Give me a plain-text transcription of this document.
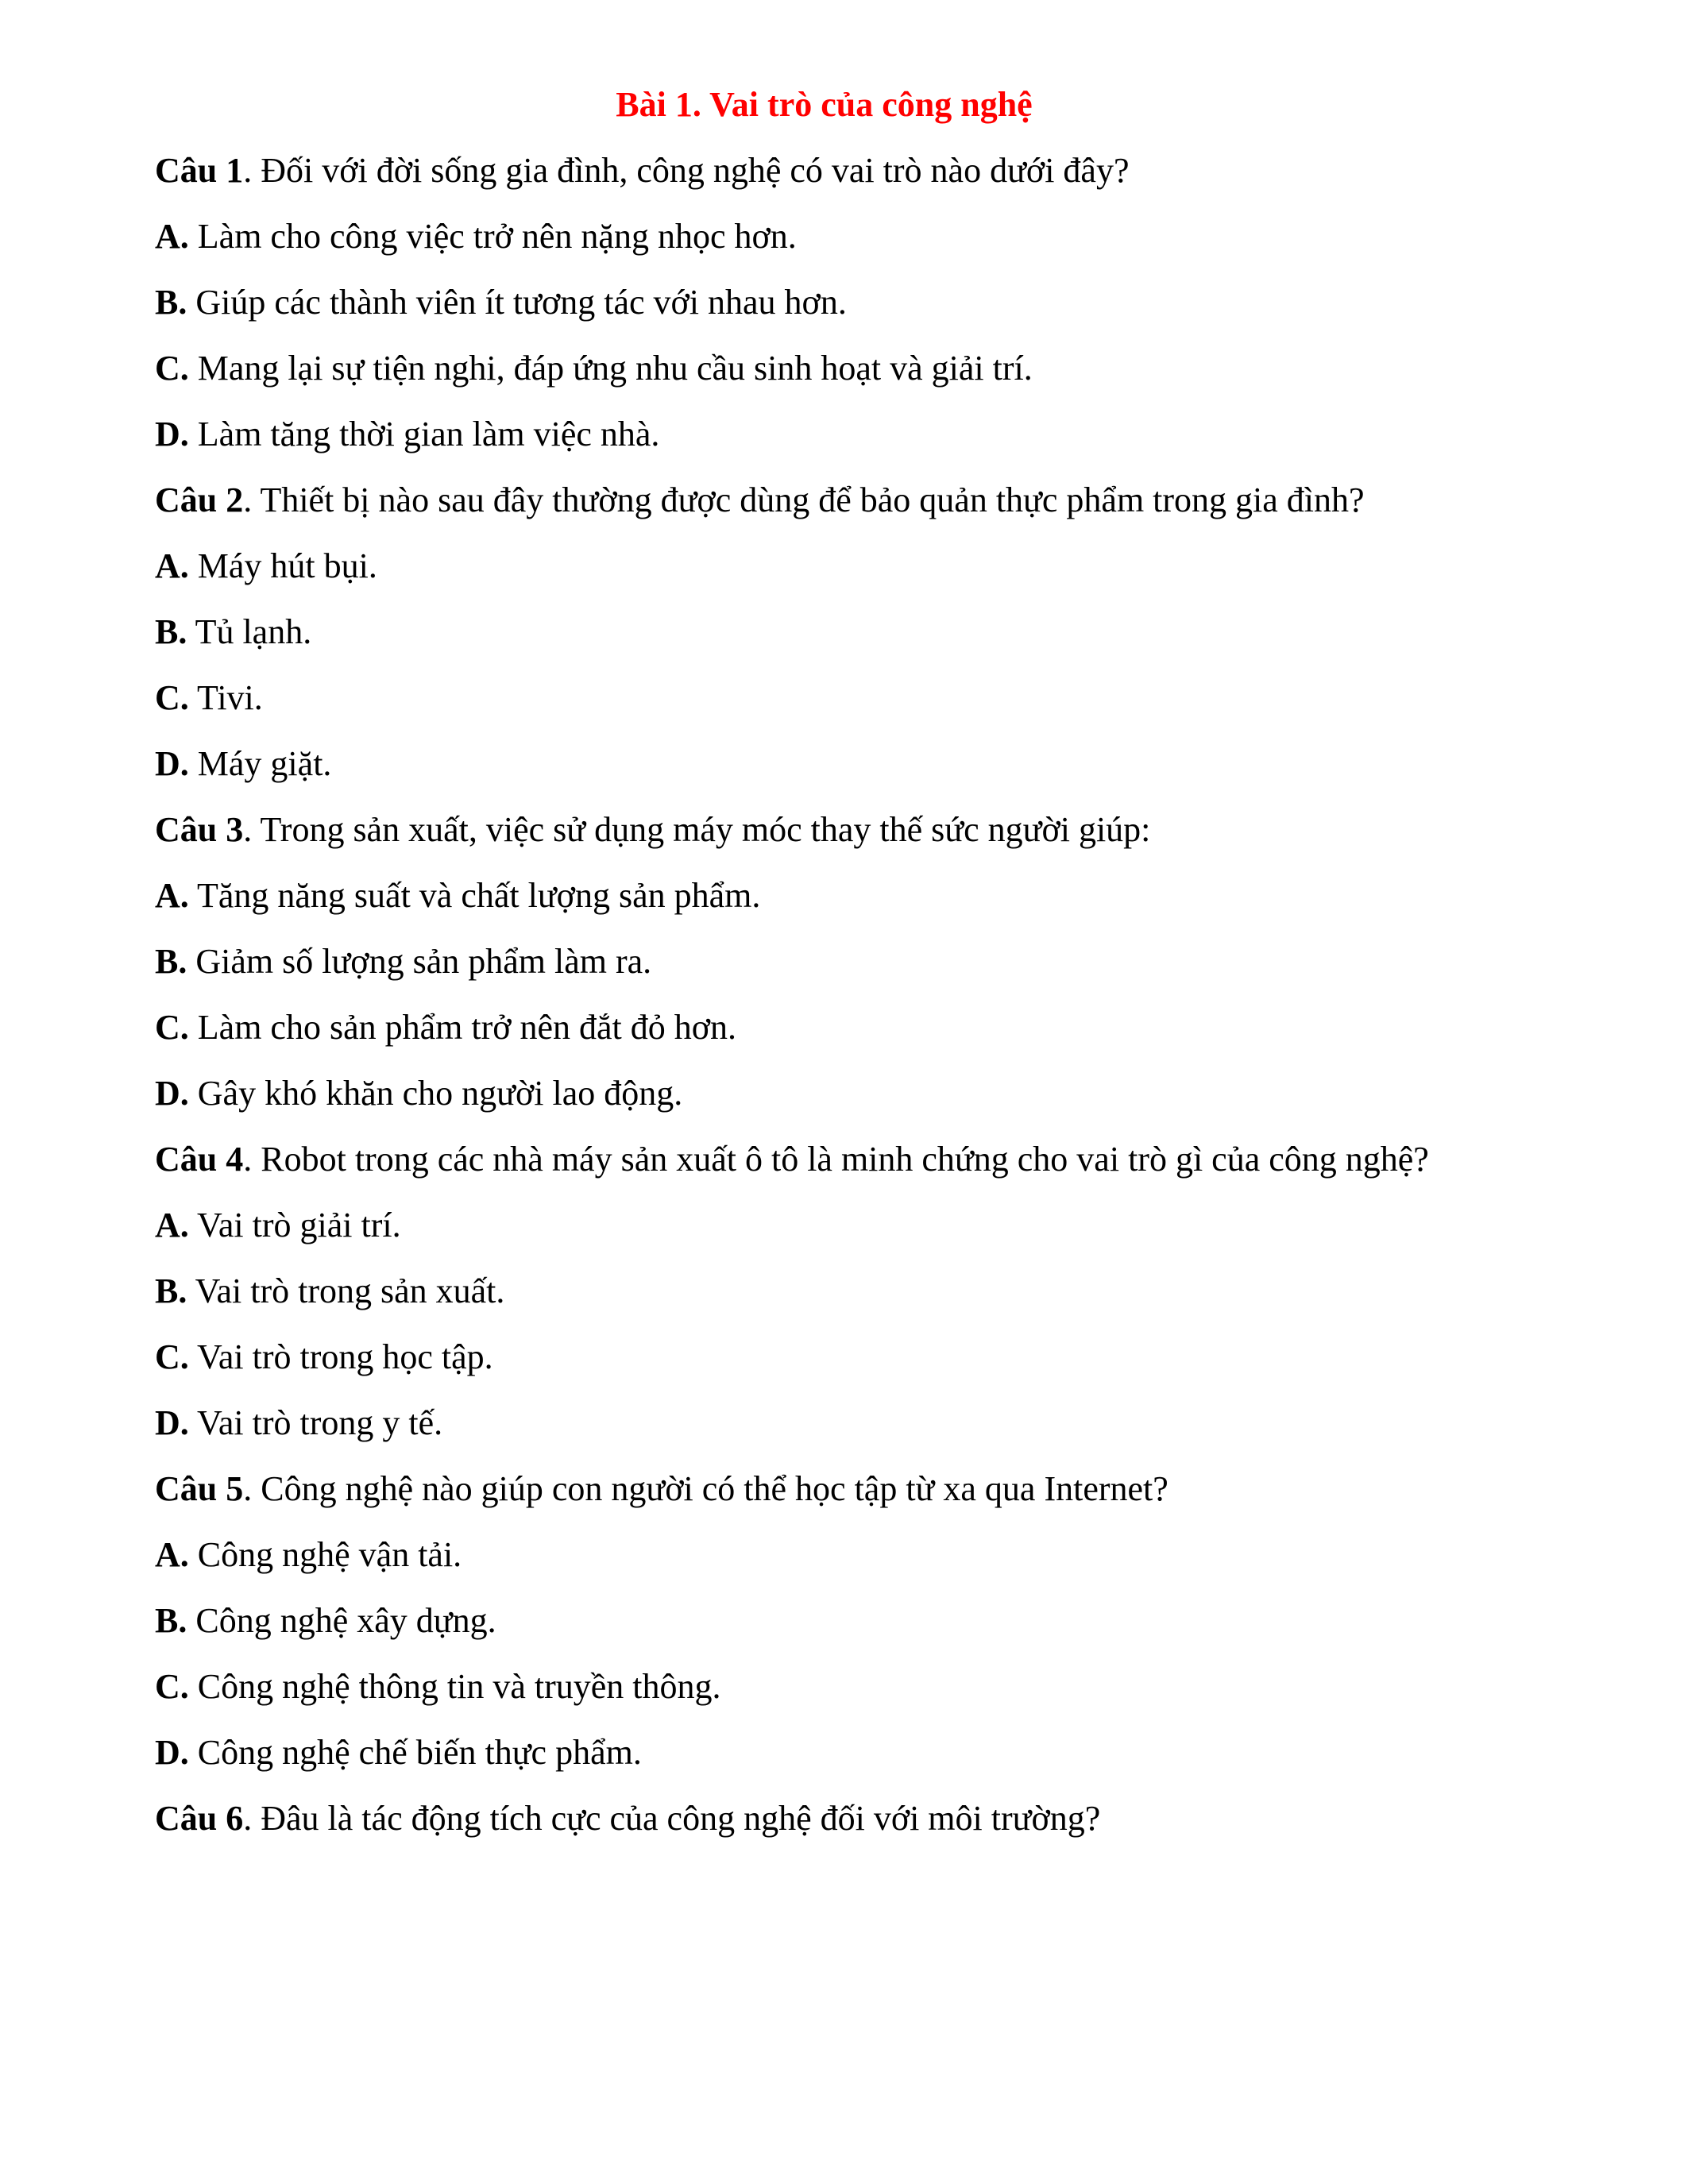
Bài 1. Vai trò của công nghệ

Câu 1. Đối với đời sống gia đình, công nghệ có vai trò nào dưới đây?

A. Làm cho công việc trở nên nặng nhọc hơn.

B. Giúp các thành viên ít tương tác với nhau hơn.

C. Mang lại sự tiện nghi, đáp ứng nhu cầu sinh hoạt và giải trí.

D. Làm tăng thời gian làm việc nhà.

Câu 2. Thiết bị nào sau đây thường được dùng để bảo quản thực phẩm trong gia đình?

A. Máy hút bụi.

B. Tủ lạnh.

C. Tivi.

D. Máy giặt.

Câu 3. Trong sản xuất, việc sử dụng máy móc thay thế sức người giúp:

A. Tăng năng suất và chất lượng sản phẩm.

B. Giảm số lượng sản phẩm làm ra.

C. Làm cho sản phẩm trở nên đắt đỏ hơn.

D. Gây khó khăn cho người lao động.

Câu 4. Robot trong các nhà máy sản xuất ô tô là minh chứng cho vai trò gì của công nghệ?

A. Vai trò giải trí.

B. Vai trò trong sản xuất.

C. Vai trò trong học tập.

D. Vai trò trong y tế.

Câu 5. Công nghệ nào giúp con người có thể học tập từ xa qua Internet?

A. Công nghệ vận tải.

B. Công nghệ xây dựng.

C. Công nghệ thông tin và truyền thông.

D. Công nghệ chế biến thực phẩm.

Câu 6. Đâu là tác động tích cực của công nghệ đối với môi trường?
